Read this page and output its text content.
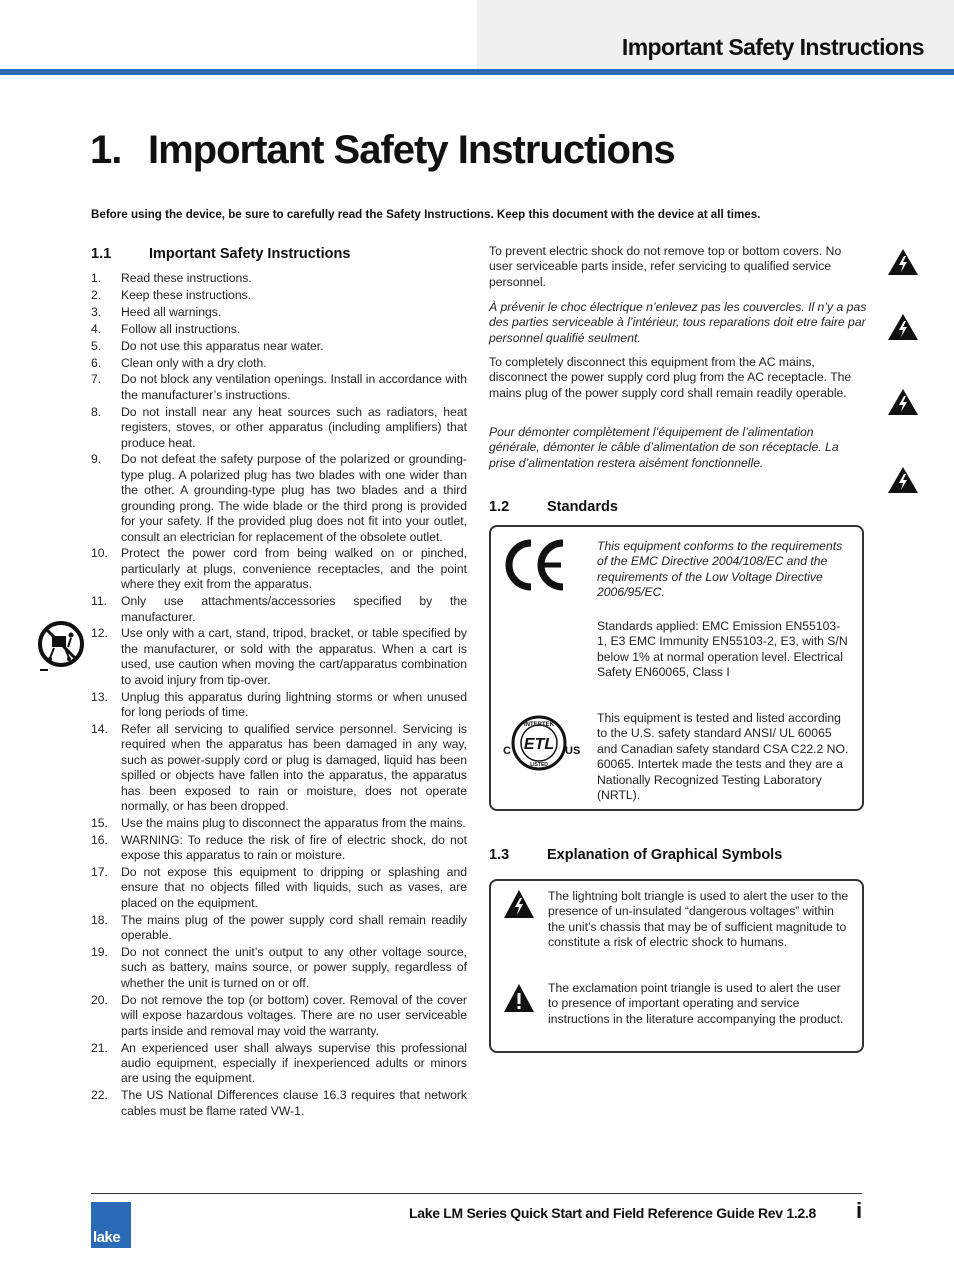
Important Safety Instructions
1. Important Safety Instructions
Before using the device, be sure to carefully read the Safety Instructions. Keep this document with the device at all times.
1.1	Important Safety Instructions
1. Read these instructions.
2. Keep these instructions.
3. Heed all warnings.
4. Follow all instructions.
5. Do not use this apparatus near water.
6. Clean only with a dry cloth.
7. Do not block any ventilation openings. Install in accordance with the manufacturer’s instructions.
8. Do not install near any heat sources such as radiators, heat registers, stoves, or other apparatus (including amplifiers) that produce heat.
9. Do not defeat the safety purpose of the polarized or grounding-type plug. A polarized plug has two blades with one wider than the other. A grounding-type plug has two blades and a third grounding prong. The wide blade or the third prong is provided for your safety. If the provided plug does not fit into your outlet, consult an electrician for replacement of the obsolete outlet.
10. Protect the power cord from being walked on or pinched, particularly at plugs, convenience receptacles, and the point where they exit from the apparatus.
11. Only use attachments/accessories specified by the manufacturer.
12. Use only with a cart, stand, tripod, bracket, or table specified by the manufacturer, or sold with the apparatus. When a cart is used, use caution when moving the cart/apparatus combination to avoid injury from tip-over.
13. Unplug this apparatus during lightning storms or when unused for long periods of time.
14. Refer all servicing to qualified service personnel. Servicing is required when the apparatus has been damaged in any way, such as power-supply cord or plug is damaged, liquid has been spilled or objects have fallen into the apparatus, the apparatus has been exposed to rain or moisture, does not operate normally, or has been dropped.
15. Use the mains plug to disconnect the apparatus from the mains.
16. WARNING: To reduce the risk of fire of electric shock, do not expose this apparatus to rain or moisture.
17. Do not expose this equipment to dripping or splashing and ensure that no objects filled with liquids, such as vases, are placed on the equipment.
18. The mains plug of the power supply cord shall remain readily operable.
19. Do not connect the unit’s output to any other voltage source, such as battery, mains source, or power supply, regardless of whether the unit is turned on or off.
20. Do not remove the top (or bottom) cover. Removal of the cover will expose hazardous voltages. There are no user serviceable parts inside and removal may void the warranty.
21. An experienced user shall always supervise this professional audio equipment, especially if inexperienced adults or minors are using the equipment.
22. The US National Differences clause 16.3 requires that network cables must be flame rated VW-1.

To prevent electric shock do not remove top or bottom covers. No user serviceable parts inside, refer servicing to qualified service personnel.

À prévenir le choc électrique n’enlevez pas les couvercles. Il n’y a pas des parties serviceable à l’intérieur, tous reparations doit etre faire par personnel qualifié seulment.

To completely disconnect this equipment from the AC mains, disconnect the power supply cord plug from the AC receptacle. The mains plug of the power supply cord shall remain readily operable.

Pour démonter complètement l’équipement de l’alimentation générale, démonter le câble d’alimentation de son réceptacle. La prise d’alimentation restera aisément fonctionnelle.

1.2	Standards
INTERTEK
ETL
LISTED
C	US

This equipment conforms to the requirements of the EMC Directive 2004/108/EC and the requirements of the Low Voltage Directive 2006/95/EC.

Standards applied: EMC Emission EN55103-1, E3 EMC Immunity EN55103-2, E3, with S/N below 1% at normal operation level. Electrical Safety EN60065, Class I

This equipment is tested and listed according to the U.S. safety standard ANSI/ UL 60065 and Canadian safety standard CSA C22.2 NO. 60065. Intertek made the tests and they are a Nationally Recognized Testing Laboratory (NRTL).

1.3	Explanation of Graphical Symbols

The lightning bolt triangle is used to alert the user to the presence of un-insulated “dangerous voltages” within the unit’s chassis that may be of sufficient magnitude to constitute a risk of electric shock to humans.

The exclamation point triangle is used to alert the user to presence of important operating and service instructions in the literature accompanying the product.

lake
Lake LM Series Quick Start and Field Reference Guide Rev 1.2.8 i
